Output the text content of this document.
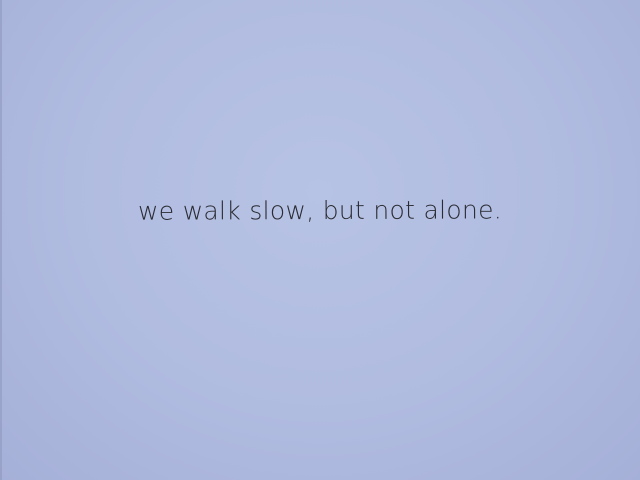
we walk slow, but not alone.
